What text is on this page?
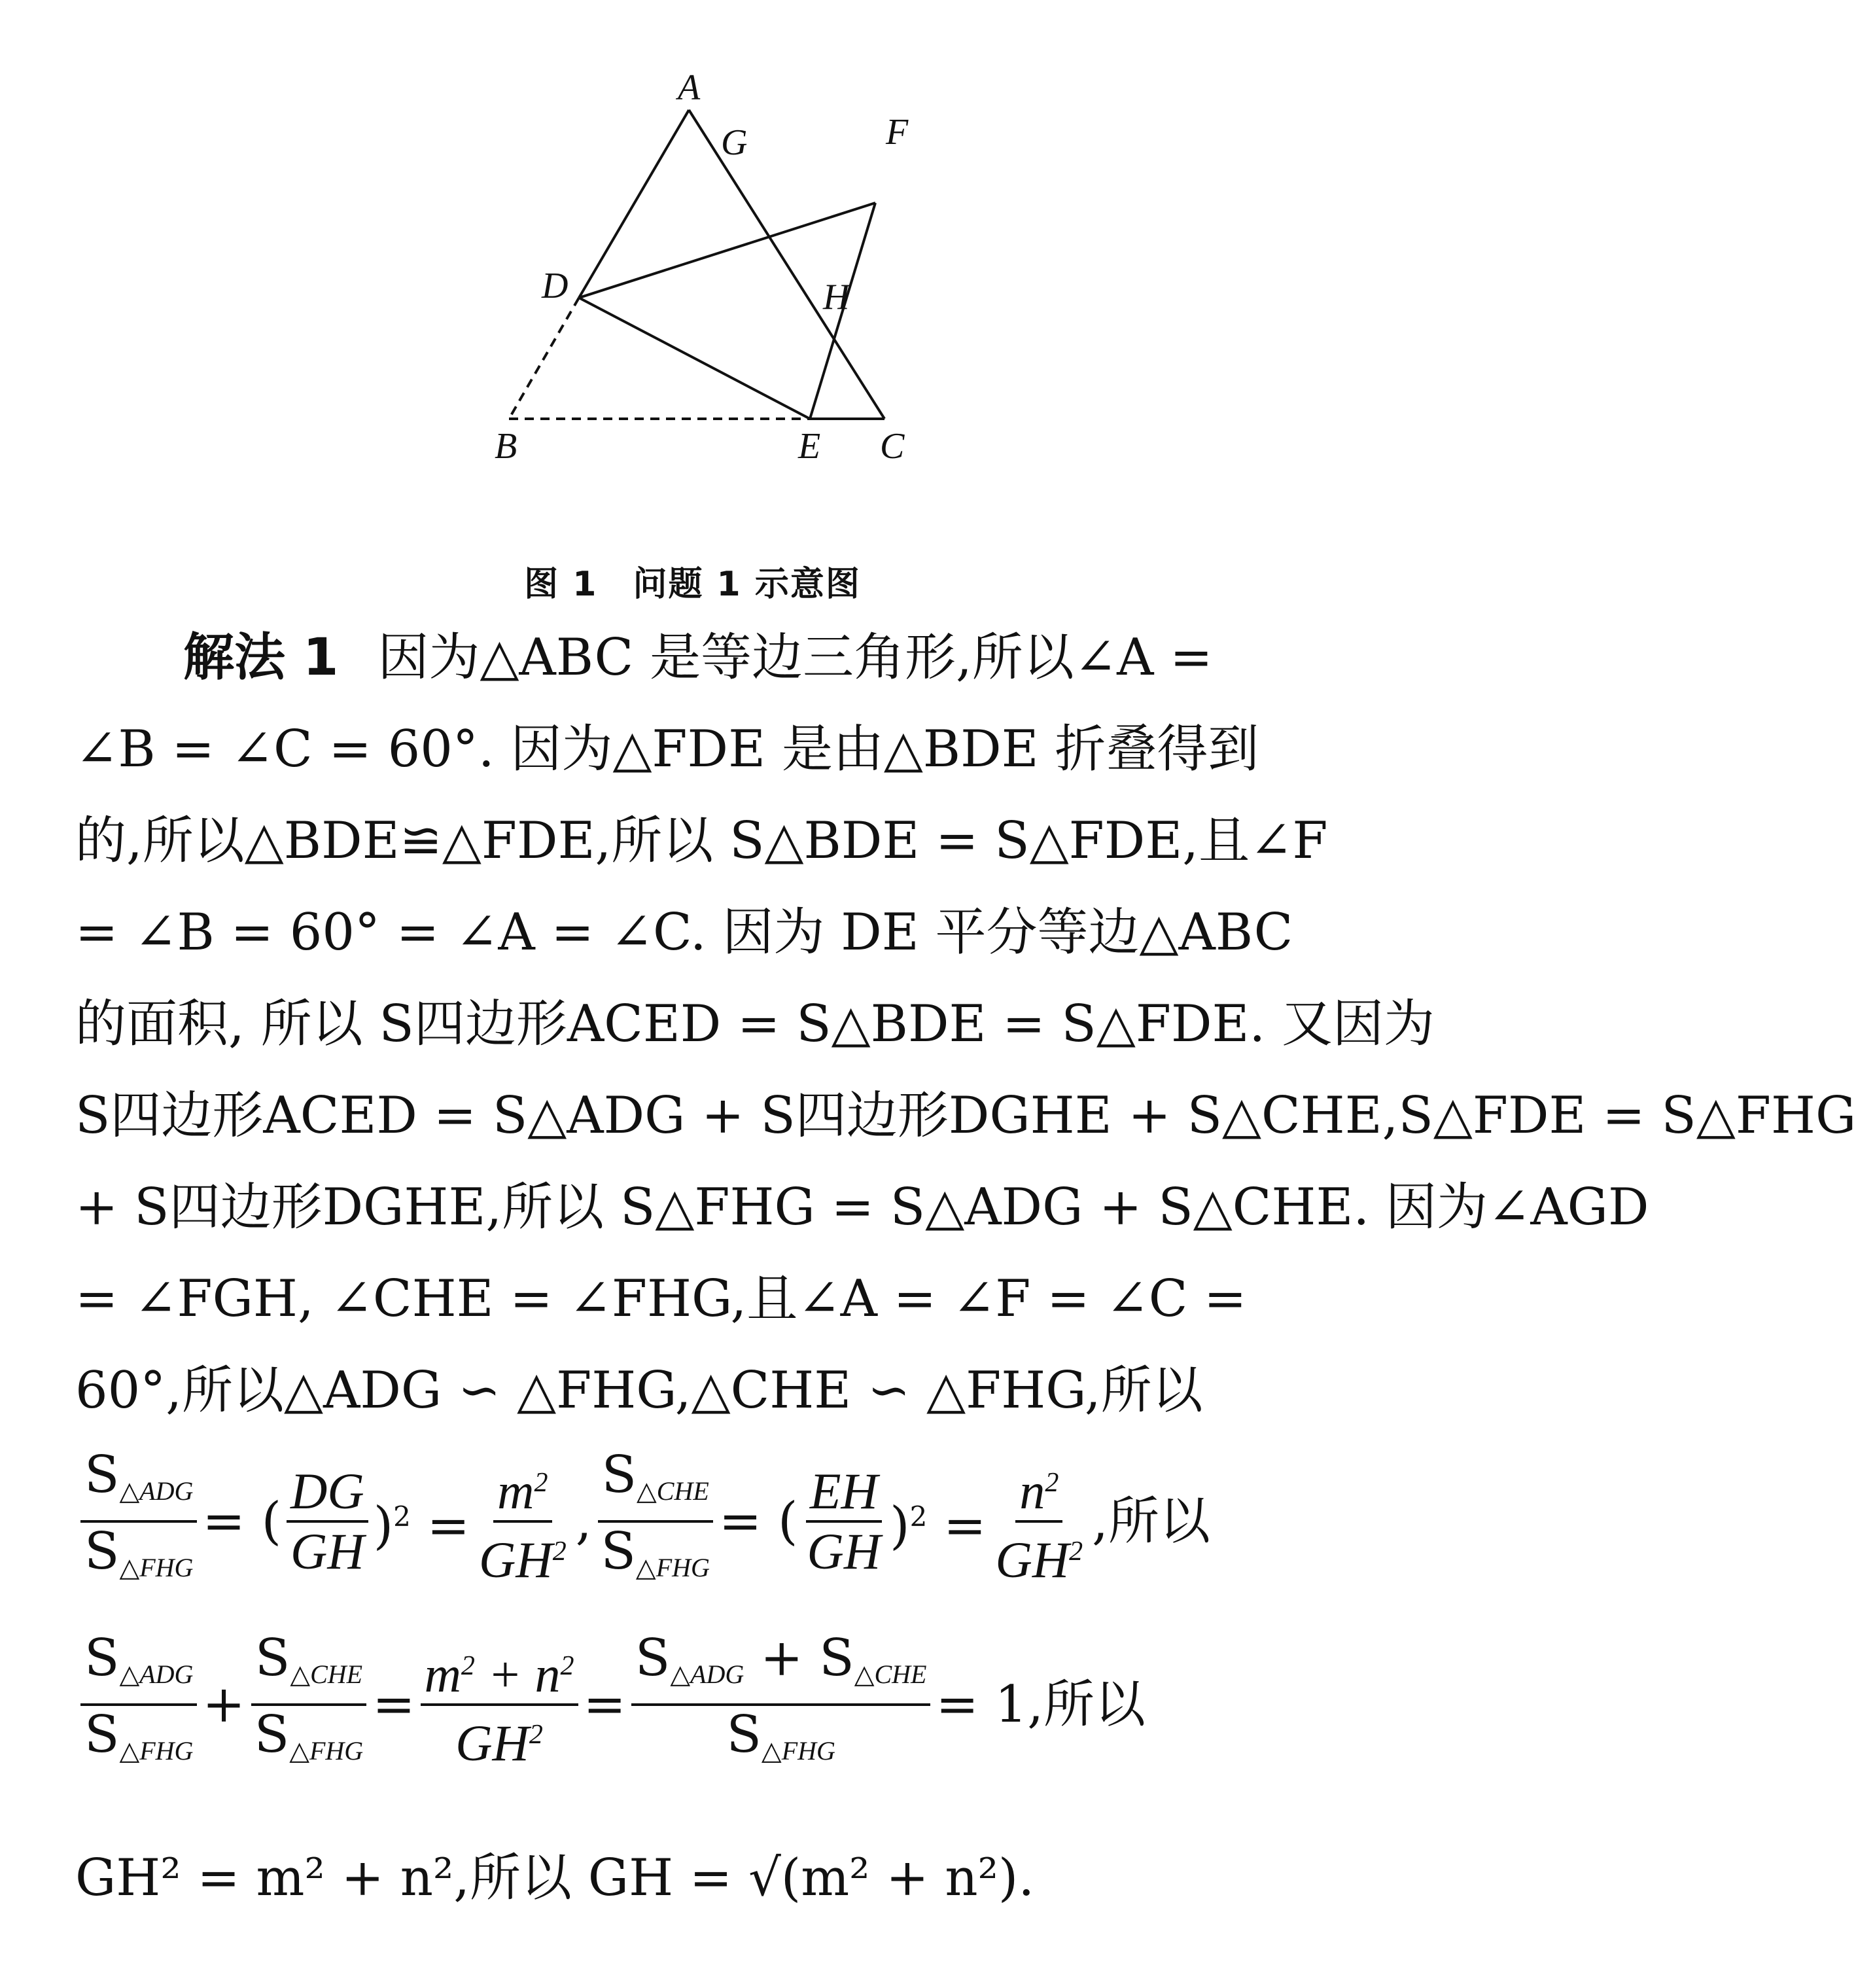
A
B	C
D
E
F
G
H
图 1　问题 1 示意图
解法 1 因为△ABC 是等边三角形,所以∠A =
∠B = ∠C = 60°. 因为△FDE 是由△BDE 折叠得到
的,所以△BDE≌△FDE,所以 S△BDE = S△FDE,且∠F
= ∠B = 60° = ∠A = ∠C. 因为 DE 平分等边△ABC
的面积, 所以 S四边形ACED = S△BDE = S△FDE. 又因为
S四边形ACED = S△ADG + S四边形DGHE + S△CHE,S△FDE = S△FHG
+ S四边形DGHE,所以 S△FHG = S△ADG + S△CHE. 因为∠AGD
= ∠FGH, ∠CHE = ∠FHG,且∠A = ∠F = ∠C =
60°,所以△ADG ∽ △FHG,△CHE ∽ △FHG,所以
$\frac{S_{\triangle ADG}}{S_{\triangle FHG}}$ = ( $\frac{DG}{GH} )^2 = \frac{m^2}{GH^2}$ , $\frac{S_{\triangle CHE}}{S_{\triangle FHG}}$ = ( $\frac{EH}{GH} )^2 = \frac{n^2}{GH^2}$ ,所以
$\frac{S_{\triangle ADG}}{S_{\triangle FHG}} + \frac{S_{\triangle CHE}}{S_{\triangle FHG}} = \frac{m^2 + n^2}{GH^2} = \frac{S_{\triangle ADG} + S_{\triangle CHE}}{S_{\triangle FHG}} = 1$,所以
GH² = m² + n²,所以 GH = √(m² + n²).
